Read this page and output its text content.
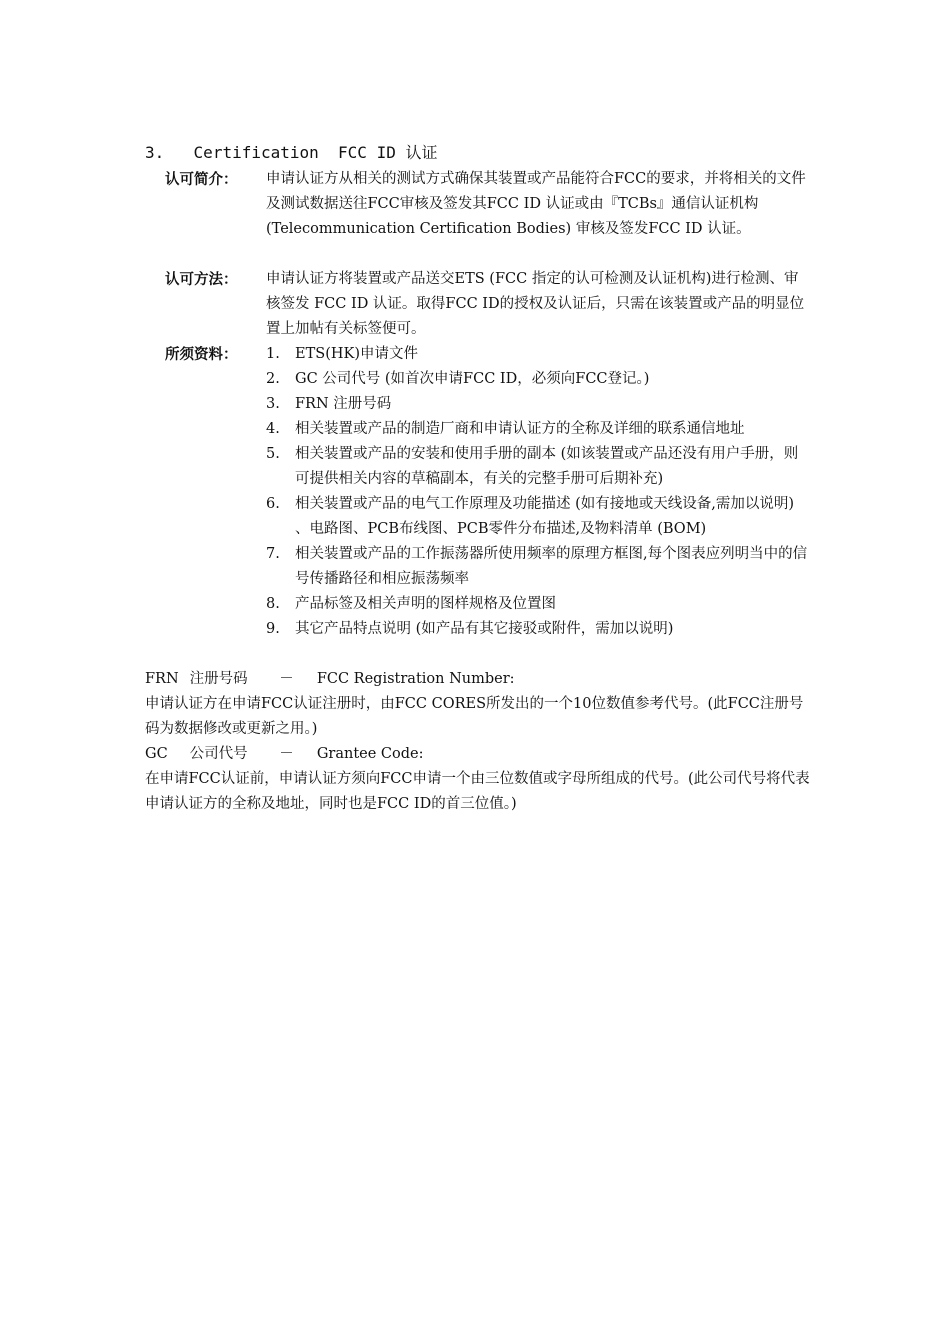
3. Certification  FCC ID 认证
认可简介： 申请认证方从相关的测试方式确保其装置或产品能符合FCC的要求，并将相关的文件及测试数据送往FCC审核及签发其FCC ID 认证或由『TCBs』通信认证机构 (Telecommunication Certification Bodies) 审核及签发FCC ID 认证。

认可方法： 申请认证方将装置或产品送交ETS (FCC 指定的认可检测及认证机构)进行检测、审核签发 FCC ID 认证。取得FCC ID的授权及认证后，只需在该装置或产品的明显位置上加帖有关标签便可。

所须资料： 1. ETS(HK)申请文件
2. GC 公司代号 (如首次申请FCC ID，必须向FCC登记。)
3. FRN 注册号码
4. 相关装置或产品的制造厂商和申请认证方的全称及详细的联系通信地址
5. 相关装置或产品的安装和使用手册的副本 (如该装置或产品还没有用户手册，则可提供相关内容的草稿副本，有关的完整手册可后期补充)
6. 相关装置或产品的电气工作原理及功能描述 (如有接地或天线设备,需加以说明) 、电路图、PCB布线图、PCB零件分布描述,及物料清单 (BOM)
7. 相关装置或产品的工作振荡器所使用频率的原理方框图,每个图表应列明当中的信号传播路径和相应振荡频率
8. 产品标签及相关声明的图样规格及位置图
9. 其它产品特点说明 (如产品有其它接驳或附件，需加以说明)
FRN 注册号码 － FCC Registration Number:

申请认证方在申请FCC认证注册时，由FCC CORES所发出的一个10位数值参考代号。(此FCC注册号码为数据修改或更新之用。)

GC 公司代号 － Grantee Code:

在申请FCC认证前，申请认证方须向FCC申请一个由三位数值或字母所组成的代号。(此公司代号将代表申请认证方的全称及地址，同时也是FCC ID的首三位值。)
